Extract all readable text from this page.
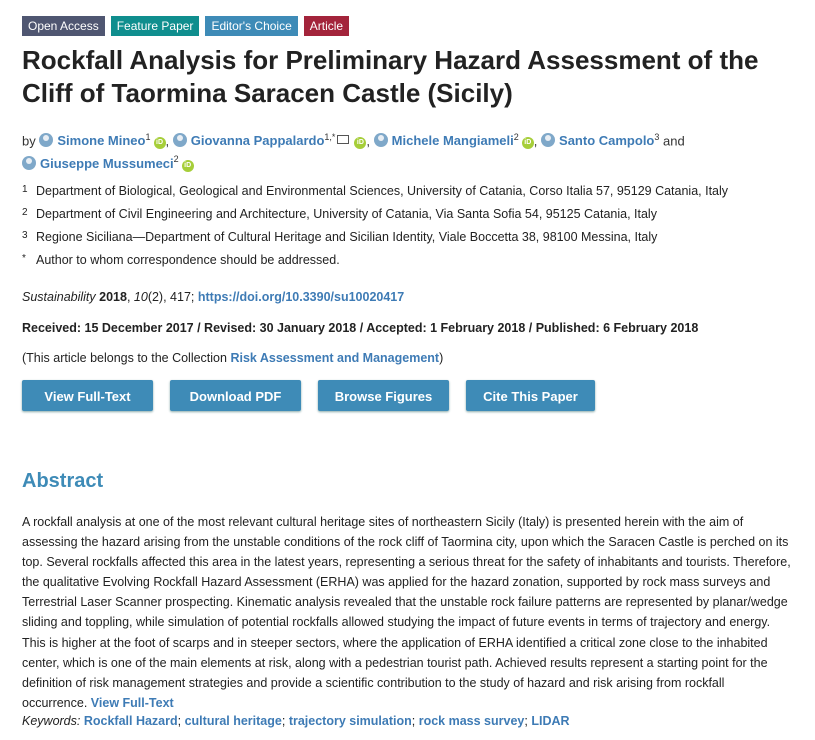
Open Access	Feature Paper	Editor's Choice	Article
Rockfall Analysis for Preliminary Hazard Assessment of the Cliff of Taormina Saracen Castle (Sicily)
by Simone Mineo$^1$iD , Giovanna Pappalardo$^{1,*}$iD , Michele Mangiameli$^2$iD , Santo Campolo$^3$ and
Giuseppe Mussumeci$^2$iD
1 Department of Biological, Geological and Environmental Sciences, University of Catania, Corso Italia 57, 95129 Catania, Italy
2 Department of Civil Engineering and Architecture, University of Catania, Via Santa Sofia 54, 95125 Catania, Italy
3 Regione Siciliana—Department of Cultural Heritage and Sicilian Identity, Viale Boccetta 38, 98100 Messina, Italy
* Author to whom correspondence should be addressed.
Sustainability 2018, 10(2), 417; https://doi.org/10.3390/su10020417
Received: 15 December 2017 / Revised: 30 January 2018 / Accepted: 1 February 2018 / Published: 6 February 2018
(This article belongs to the Collection Risk Assessment and Management)
View Full-Text	Download PDF	Browse Figures	Cite This Paper
Abstract

A rockfall analysis at one of the most relevant cultural heritage sites of northeastern Sicily (Italy) is presented herein with the aim of assessing the hazard arising from the unstable conditions of the rock cliff of Taormina city, upon which the Saracen Castle is perched on its top. Several rockfalls affected this area in the latest years, representing a serious threat for the safety of inhabitants and tourists. Therefore, the qualitative Evolving Rockfall Hazard Assessment (ERHA) was applied for the hazard zonation, supported by rock mass surveys and Terrestrial Laser Scanner prospecting. Kinematic analysis revealed that the unstable rock failure patterns are represented by planar/wedge sliding and toppling, while simulation of potential rockfalls allowed studying the impact of future events in terms of trajectory and energy. This is higher at the foot of scarps and in steeper sectors, where the application of ERHA identified a critical zone close to the inhabited center, which is one of the main elements at risk, along with a pedestrian tourist path. Achieved results represent a starting point for the definition of risk management strategies and provide a scientific contribution to the study of hazard and risk arising from rockfall occurrence. View Full-Text

Keywords: Rockfall Hazard; cultural heritage; trajectory simulation; rock mass survey; LIDAR
